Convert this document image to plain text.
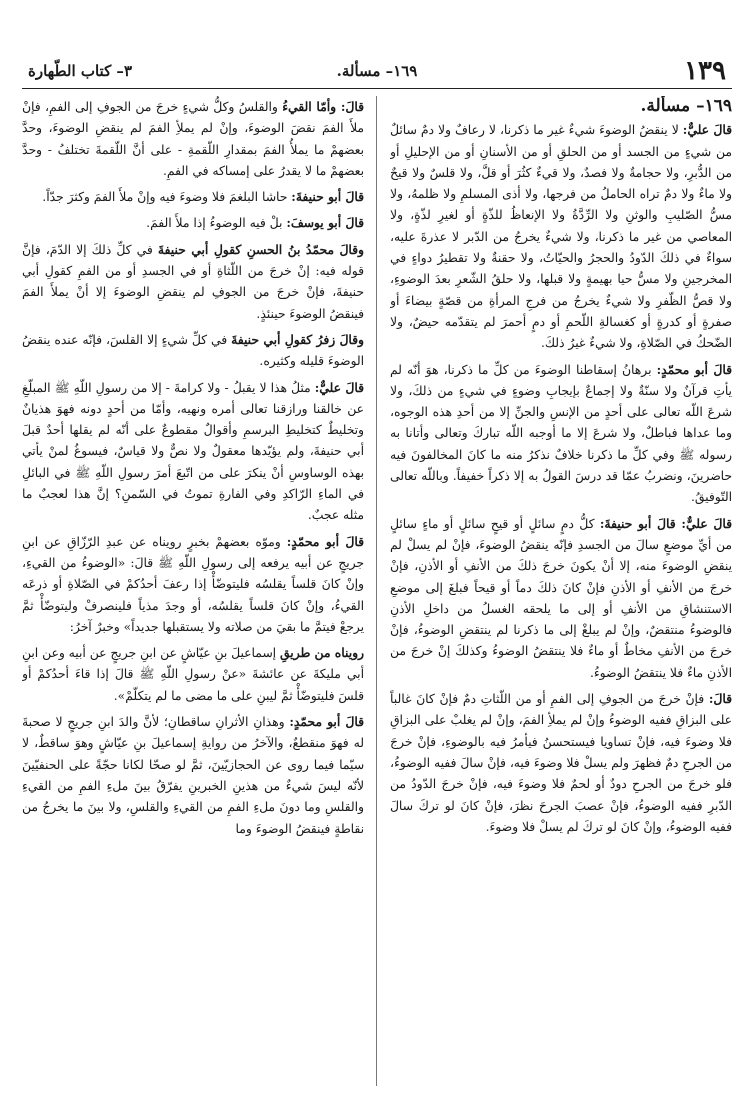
١٣٩
١٦٩– مسألة.
٣– كتاب الطّهارة
١٦٩– مسألة.

قالَ عليٌّ: لا ينقضُ الوضوءَ شيءٌ غير ما ذكرنا، لا رعافٌ ولا دمٌ سائلٌ من شيءٍ من الجسد أو من الحلقِ أو من الأسنانِ أو من الإحليلِ أو من الدُّبرِ، ولا حجامةٌ ولا فصدٌ، ولا قيءٌ كثُرَ أو قلَّ، ولا قلسٌ ولا قيحٌ ولا ماءٌ ولا دمٌ تراه الحاملُ من فرجها، ولا أذى المسلمِ ولا ظلمهُ، ولا مسُّ الصّليبِ والوثنِ ولا الرِّدَّةُ ولا الإنعاظُ للذّةٍ أو لغيرِ لذّةٍ، ولا المعاصي من غير ما ذكرنا، ولا شيءٌ يخرجُ من الدّبر لا عذرةَ عليه، سواءٌ في ذلكَ الدّودُ والحجرُ والحيّاتُ، ولا حقنةٌ ولا تقطيرُ دواءٍ في المخرجينِ ولا مسُّ حيا بهيمةٍ ولا قبلها، ولا حلقُ الشّعرِ بعدَ الوضوءِ، ولا قصُّ الظّفرِ ولا شيءٌ يخرجُ من فرجِ المرأةِ من قصّةٍ بيضاءَ أو صفرةٍ أو كدرةٍ أو كغسالةِ اللّحمِ أو دمٍ أحمرَ لم يتقدّمه حيضٌ، ولا الضّحكُ في الصّلاةِ، ولا شيءٌ غيرُ ذلكَ.

قالَ أبو محمّدٍ: برهانُ إسقاطنا الوضوءَ من كلِّ ما ذكرنا، هوَ أنّه لم يأتِ قرآنٌ ولا سنّةٌ ولا إجماعٌ بإيجابِ وضوءٍ في شيءٍ من ذلكَ، ولا شرعَ اللّه تعالى على أحدٍ من الإنسِ والجنِّ إلا من أحدِ هذه الوجوه، وما عداها فباطلٌ، ولا شرعَ إلا ما أوجبه اللّه تباركَ وتعالى وأتانا به رسوله ﷺ وفي كلِّ ما ذكرنا خلافٌ نذكرُ منه ما كانَ المخالفونَ فيه حاضرينَ، ونضربُ عمّا قد درسَ القولُ به إلا ذكراً خفيفاً. وباللّه تعالى التّوفيقُ.

قالَ عليٌّ: قالَ أبو حنيفةَ: كلُّ دمٍ سائلٍ أو قيحٍ سائلٍ أو ماءٍ سائلٍ من أيِّ موضعٍ سالَ من الجسدِ فإنّه ينقضُ الوضوءَ، فإنْ لم يسلْ لم ينقضِ الوضوءَ منه، إلا أنْ يكونَ خرجَ ذلكَ من الأنفِ أو الأذنِ، فإنْ خرجَ من الأنفِ أو الأذنِ فإنْ كانَ ذلكَ دماً أو قيحاً فبلغَ إلى موضعِ الاستنشاقِ من الأنفِ أو إلى ما يلحقه الغسلُ من داخلِ الأذنِ فالوضوءُ منتقضٌ، وإنْ لم يبلغْ إلى ما ذكرنا لم ينتقضِ الوضوءُ، فإنْ خرجَ من الأنفِ مخاطٌ أو ماءٌ فلا ينتقضُ الوضوءُ وكذلكَ إنْ خرجَ من الأذنِ ماءٌ فلا ينتقضُ الوضوءُ.

قالَ: فإنْ خرجَ من الجوفِ إلى الفمِ أو من اللّثاتِ دمٌ فإنْ كانَ غالباً على البزاقِ ففيه الوضوءُ وإنْ لم يملأِ الفمَ، وإنْ لم يغلبْ على البزاقِ فلا وضوءَ فيه، فإنْ تساويا فيستحسنُ فيأمرُ فيه بالوضوءِ، فإنْ خرجَ من الجرحِ دمٌ فظهرَ ولم يسلْ فلا وضوءَ فيه، فإنْ سالَ ففيه الوضوءُ، فلو خرجَ من الجرحِ دودٌ أو لحمٌ فلا وضوءَ فيه، فإنْ خرجَ الدّودُ من الدّبرِ ففيه الوضوءُ، فإنْ عصبَ الجرحَ نظرَ، فإنْ كانَ لو تركَ سالَ ففيه الوضوءُ، وإنْ كانَ لو تركَ لم يسلْ فلا وضوءَ.

قالَ: وأمّا القيءُ والقلسُ وكلُّ شيءٍ خرجَ من الجوفِ إلى الفمِ، فإنْ ملأَ الفمَ نقضَ الوضوءَ، وإنْ لم يملأِ الفمَ لم ينقضِ الوضوءَ، وحدَّ بعضهمْ ما يملأُ الفمَ بمقدارِ اللّقمةِ - على أنَّ اللّقمةَ تختلفُ - وحدَّ بعضهمْ ما لا يقدرُ على إمساكه في الفمِ.

قالَ أبو حنيفةَ: حاشا البلغمَ فلا وضوءَ فيه وإنْ ملأَ الفمَ وكثرَ جدّاً.

قالَ أبو يوسفَ: بلْ فيه الوضوءُ إذا ملأَ الفمَ.

وقالَ محمّدُ بنُ الحسنِ كقولِ أبي حنيفةَ في كلِّ ذلكَ إلا الدّمَ، فإنَّ قوله فيه: إنْ خرجَ من اللّثاةِ أو في الجسدِ أو من الفمِ كقولِ أبي حنيفةَ، فإنْ خرجَ من الجوفِ لم ينقضِ الوضوءَ إلا أنْ يملأَ الفمَ فينقضُ الوضوءَ حينئذٍ.

وقالَ زفرُ كقولِ أبي حنيفةَ في كلِّ شيءٍ إلا القلسَ، فإنّه عنده ينقضُ الوضوءَ قليله وكثيره.

قالَ عليٌّ: مثلُ هذا لا يقبلُ - ولا كرامةَ - إلا من رسولِ اللّهِ ﷺ المبلّغِ عن خالقنا ورازقنا تعالى أمره ونهيه، وأمّا من أحدٍ دونه فهوَ هذيانٌ وتخليطٌ كتخليطِ البرسمِ وأقوالٌ مقطوعٌ على أنّه لم يقلها أحدٌ قبلَ أبي حنيفةَ، ولم يؤيّدها معقولٌ ولا نصٌّ ولا قياسٌ، فيسوغُ لمنْ يأتي بهذه الوساوسِ أنْ ينكرَ على من اتّبعَ أمرَ رسولِ اللّهِ ﷺ في البائلِ في الماءِ الرّاكدِ وفي الفارةِ تموتُ في السّمنِ؟ إنَّ هذا لعجبٌ ما مثله عجبٌ.

قالَ أبو محمّدٍ: وموّه بعضهمْ بخبرٍ رويناه عن عبدِ الرّزّاقِ عن ابنِ جريجٍ عن أبيه يرفعه إلى رسولِ اللّهِ ﷺ قالَ: «الوضوءُ من القيءِ، وإنْ كانَ قلساً يقلسُه فليتوضّأْ إذا رعفَ أحدُكمْ في الصّلاةِ أو ذرعَه القيءُ، وإنْ كانَ قلساً يقلسُه، أو وجدَ مذياً فلينصرفْ وليتوضّأْ ثمَّ يرجعْ فيتمَّ ما بقيَ من صلاته ولا يستقبلها جديداً» وخبرٌ آخرُ:

رويناه من طريقِ إسماعيلَ بنِ عيّاشٍ عن ابنِ جريجٍ عن أبيه وعن ابنِ أبي مليكةَ عن عائشةَ «عنْ رسولِ اللّهِ ﷺ قالَ إذا قاءَ أحدُكمْ أو قلسَ فليتوضّأْ ثمَّ ليبنِ على ما مضى ما لم يتكلّمْ».

قالَ أبو محمّدٍ: وهذانِ الأثرانِ ساقطانِ؛ لأنَّ والدَ ابنِ جريجٍ لا صحبةَ له فهوَ منقطعٌ، والآخرُ من روايةِ إسماعيلَ بنِ عيّاشٍ وهوَ ساقطٌ، لا سيّما فيما روى عن الحجازيّينَ، ثمَّ لو صحّا لكانا حجّةً على الحنفيّينَ لأنّه ليسَ شيءٌ من هذينِ الخبرينِ يفرّقُ بينَ ملءِ الفمِ من القيءِ والقلسِ وما دونَ ملءِ الفمِ من القيءِ والقلسِ، ولا بينَ ما يخرجُ من نقاطةٍ فينقضُ الوضوءَ وما
